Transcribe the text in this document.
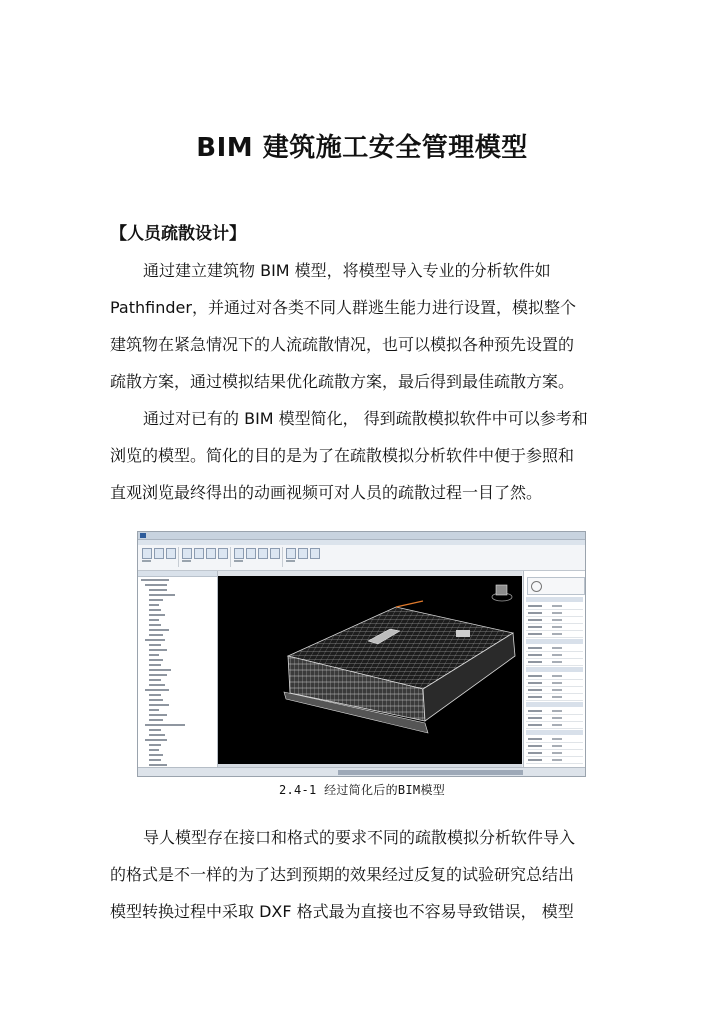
BIM 建筑施工安全管理模型
【人员疏散设计】
通过建立建筑物 BIM 模型，将模型导入专业的分析软件如
Pathfinder，并通过对各类不同人群逃生能力进行设置，模拟整个
建筑物在紧急情况下的人流疏散情况，也可以模拟各种预先设置的
疏散方案，通过模拟结果优化疏散方案，最后得到最佳疏散方案。
通过对已有的 BIM 模型简化， 得到疏散模拟软件中可以参考和
浏览的模型。简化的目的是为了在疏散模拟分析软件中便于参照和
直观浏览最终得出的动画视频可对人员的疏散过程一目了然。
2.4-1 经过简化后的BIM模型
导人模型存在接口和格式的要求不同的疏散模拟分析软件导入
的格式是不一样的为了达到预期的效果经过反复的试验研究总结出
模型转换过程中采取 DXF 格式最为直接也不容易导致错误， 模型
